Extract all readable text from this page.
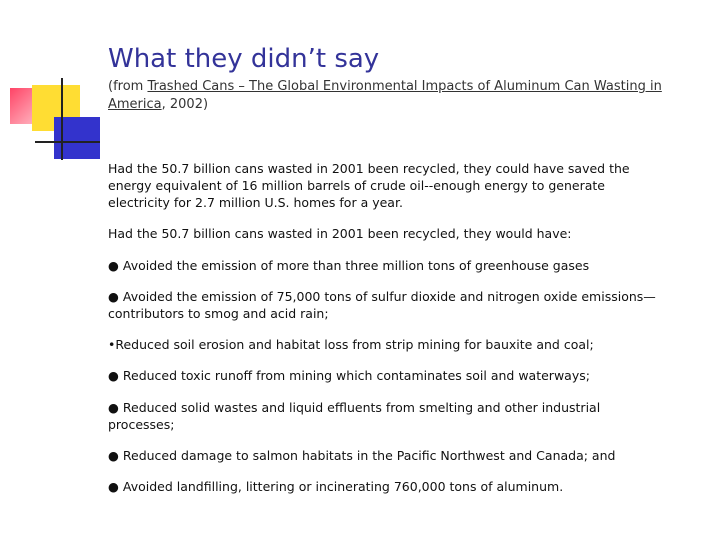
What they didn’t say

(from Trashed Cans – The Global Environmental Impacts of Aluminum Can Wasting in America, 2002)

Had the 50.7 billion cans wasted in 2001 been recycled, they could have saved the energy equivalent of 16 million barrels of crude oil--enough energy to generate electricity for 2.7 million U.S. homes for a year.

Had the 50.7 billion cans wasted in 2001 been recycled, they would have:

● Avoided the emission of more than three million tons of greenhouse gases

● Avoided the emission of 75,000 tons of sulfur dioxide and nitrogen oxide emissions— contributors to smog and acid rain;

•Reduced soil erosion and habitat loss from strip mining for bauxite and coal;

● Reduced toxic runoff from mining which contaminates soil and waterways;

● Reduced solid wastes and liquid effluents from smelting and other industrial processes;

● Reduced damage to salmon habitats in the Pacific Northwest and Canada; and

● Avoided landfilling, littering or incinerating 760,000 tons of aluminum.
